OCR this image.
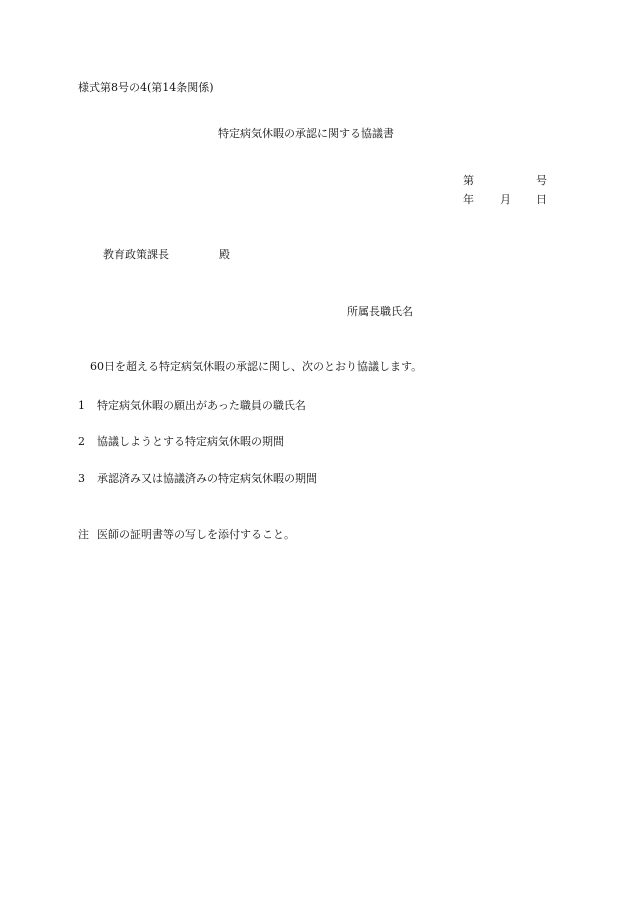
様式第8号の4(第14条関係)
特定病気休暇の承認に関する協議書
第	号
年 月 日
教育政策課長	殿
所属長職氏名
60日を超える特定病気休暇の承認に関し、次のとおり協議します。
1 特定病気休暇の願出があった職員の職氏名
2 協議しようとする特定病気休暇の期間
3 承認済み又は協議済みの特定病気休暇の期間
注 医師の証明書等の写しを添付すること。
